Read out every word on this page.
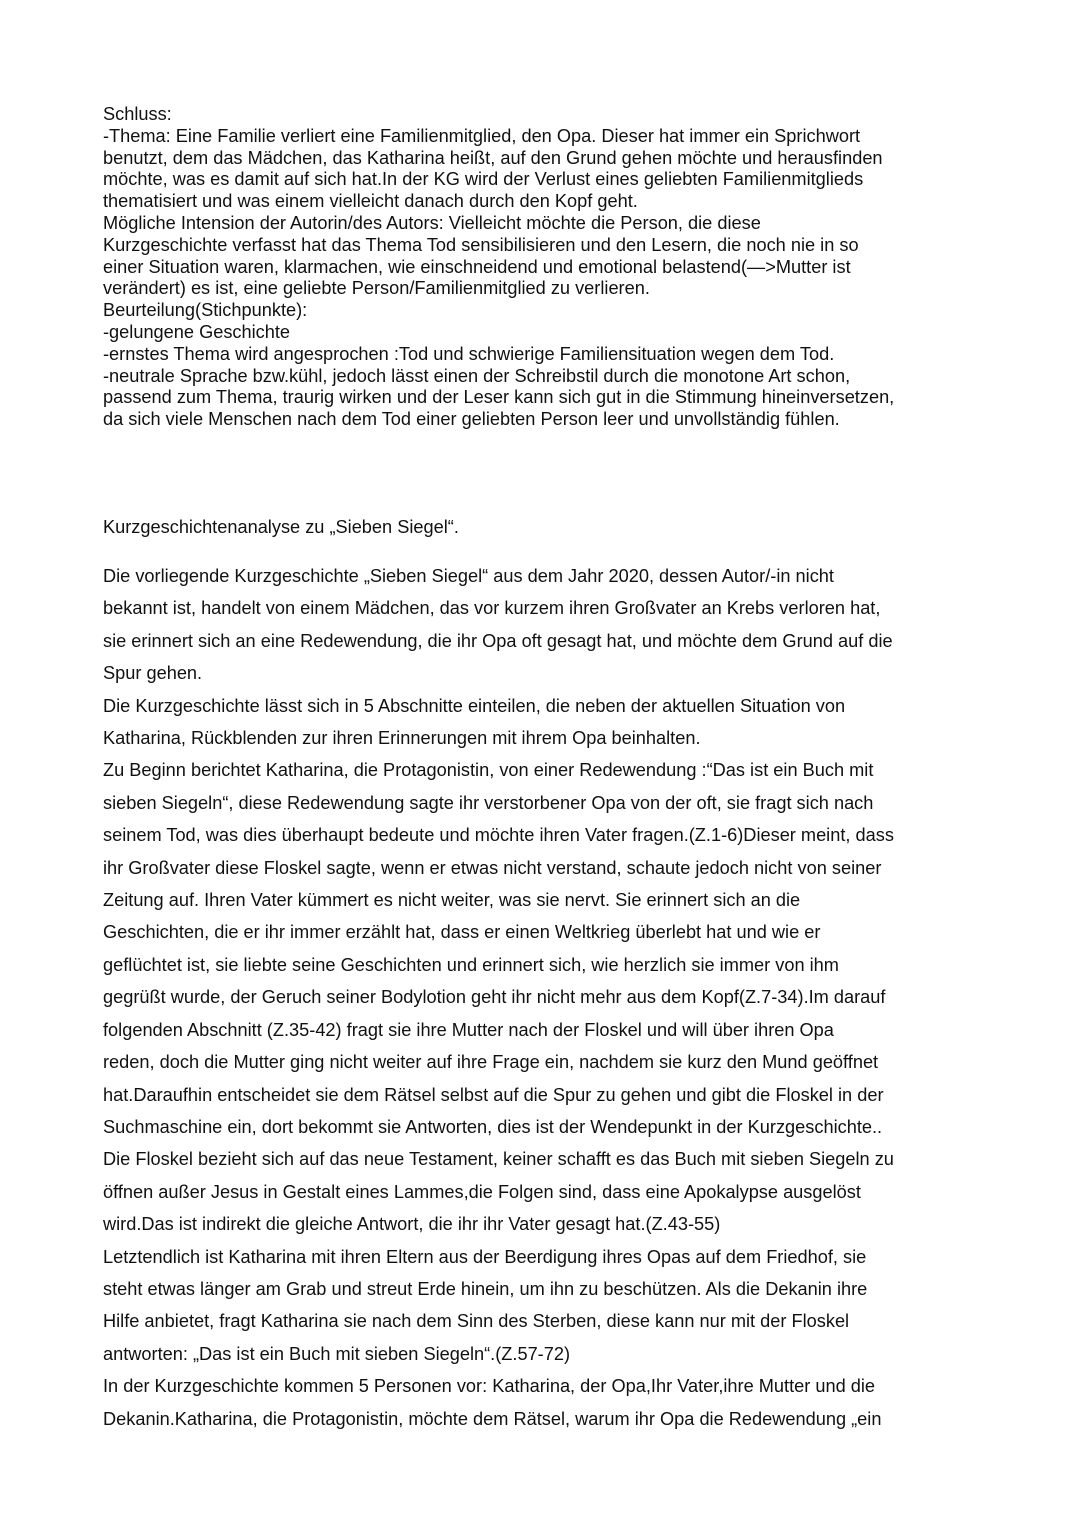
Schluss:

-Thema: Eine Familie verliert eine Familienmitglied, den Opa. Dieser hat immer ein Sprichwort

benutzt, dem das Mädchen, das Katharina heißt, auf den Grund gehen möchte und herausfinden

möchte, was es damit auf sich hat.In der KG wird der Verlust eines geliebten Familienmitglieds

thematisiert und was einem vielleicht danach durch den Kopf geht.

Mögliche Intension der Autorin/des Autors: Vielleicht möchte die Person, die diese

Kurzgeschichte verfasst hat das Thema Tod sensibilisieren und den Lesern, die noch nie in so

einer Situation waren, klarmachen, wie einschneidend und emotional belastend(—>Mutter ist

verändert) es ist, eine geliebte Person/Familienmitglied zu verlieren.

Beurteilung(Stichpunkte):

-gelungene Geschichte

-ernstes Thema wird angesprochen :Tod und schwierige Familiensituation wegen dem Tod.

-neutrale Sprache bzw.kühl, jedoch lässt einen der Schreibstil durch die monotone Art schon,

passend zum Thema, traurig wirken und der Leser kann sich gut in die Stimmung hineinversetzen,

da sich viele Menschen nach dem Tod einer geliebten Person leer und unvollständig fühlen.

Kurzgeschichtenanalyse zu „Sieben Siegel“.

Die vorliegende Kurzgeschichte „Sieben Siegel“ aus dem Jahr 2020, dessen Autor/-in nicht

bekannt ist, handelt von einem Mädchen, das vor kurzem ihren Großvater an Krebs verloren hat,

sie erinnert sich an eine Redewendung, die ihr Opa oft gesagt hat, und möchte dem Grund auf die

Spur gehen.

Die Kurzgeschichte lässt sich in 5 Abschnitte einteilen, die neben der aktuellen Situation von

Katharina, Rückblenden zur ihren Erinnerungen mit ihrem Opa beinhalten.

Zu Beginn berichtet Katharina, die Protagonistin, von einer Redewendung :“Das ist ein Buch mit

sieben Siegeln“, diese Redewendung sagte ihr verstorbener Opa von der oft, sie fragt sich nach

seinem Tod, was dies überhaupt bedeute und möchte ihren Vater fragen.(Z.1-6)Dieser meint, dass

ihr Großvater diese Floskel sagte, wenn er etwas nicht verstand, schaute jedoch nicht von seiner

Zeitung auf. Ihren Vater kümmert es nicht weiter, was sie nervt. Sie erinnert sich an die

Geschichten, die er ihr immer erzählt hat, dass er einen Weltkrieg überlebt hat und wie er

geflüchtet ist, sie liebte seine Geschichten und erinnert sich, wie herzlich sie immer von ihm

gegrüßt wurde, der Geruch seiner Bodylotion geht ihr nicht mehr aus dem Kopf(Z.7-34).Im darauf

folgenden Abschnitt (Z.35-42) fragt sie ihre Mutter nach der Floskel und will über ihren Opa

reden, doch die Mutter ging nicht weiter auf ihre Frage ein, nachdem sie kurz den Mund geöffnet

hat.Daraufhin entscheidet sie dem Rätsel selbst auf die Spur zu gehen und gibt die Floskel in der

Suchmaschine ein, dort bekommt sie Antworten, dies ist der Wendepunkt in der Kurzgeschichte..

Die Floskel bezieht sich auf das neue Testament, keiner schafft es das Buch mit sieben Siegeln zu

öffnen außer Jesus in Gestalt eines Lammes,die Folgen sind, dass eine Apokalypse ausgelöst

wird.Das ist indirekt die gleiche Antwort, die ihr ihr Vater gesagt hat.(Z.43-55)

Letztendlich ist Katharina mit ihren Eltern aus der Beerdigung ihres Opas auf dem Friedhof, sie

steht etwas länger am Grab und streut Erde hinein, um ihn zu beschützen. Als die Dekanin ihre

Hilfe anbietet, fragt Katharina sie nach dem Sinn des Sterben, diese kann nur mit der Floskel

antworten: „Das ist ein Buch mit sieben Siegeln“.(Z.57-72)

In der Kurzgeschichte kommen 5 Personen vor: Katharina, der Opa,Ihr Vater,ihre Mutter und die

Dekanin.Katharina, die Protagonistin, möchte dem Rätsel, warum ihr Opa die Redewendung „ein
